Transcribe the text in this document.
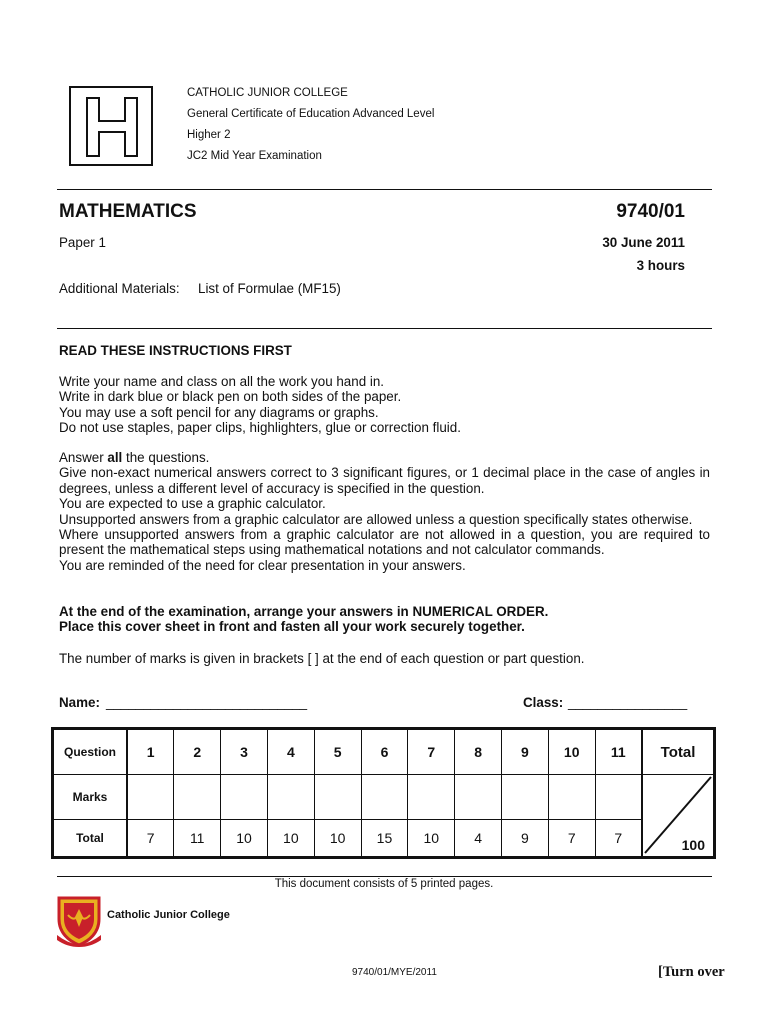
CATHOLIC JUNIOR COLLEGE
General Certificate of Education Advanced Level
Higher 2
JC2 Mid Year Examination
MATHEMATICS	9740/01
Paper 1	30 June 2011
3 hours
Additional Materials: List of Formulae (MF15)
READ THESE INSTRUCTIONS FIRST

Write your name and class on all the work you hand in.

Write in dark blue or black pen on both sides of the paper.

You may use a soft pencil for any diagrams or graphs.

Do not use staples, paper clips, highlighters, glue or correction fluid.

Answer all the questions.

Give non-exact numerical answers correct to 3 significant figures, or 1 decimal place in the case of angles in degrees, unless a different level of accuracy is specified in the question.

You are expected to use a graphic calculator.

Unsupported answers from a graphic calculator are allowed unless a question specifically states otherwise.

Where unsupported answers from a graphic calculator are not allowed in a question, you are required to present the mathematical steps using mathematical notations and not calculator commands.

You are reminded of the need for clear presentation in your answers.

At the end of the examination, arrange your answers in NUMERICAL ORDER.

Place this cover sheet in front and fasten all your work securely together.

The number of marks is given in brackets [ ] at the end of each question or part question.
Name: ___________________________	Class: ________________
Question	1	2	3	4	5	6	7	8	9	10	11	Total
Marks												100

Total	7	11	10	10	10	15	10	4	9	7	7	
This document consists of 5 printed pages.
Catholic Junior College
9740/01/MYE/2011	[Turn over
